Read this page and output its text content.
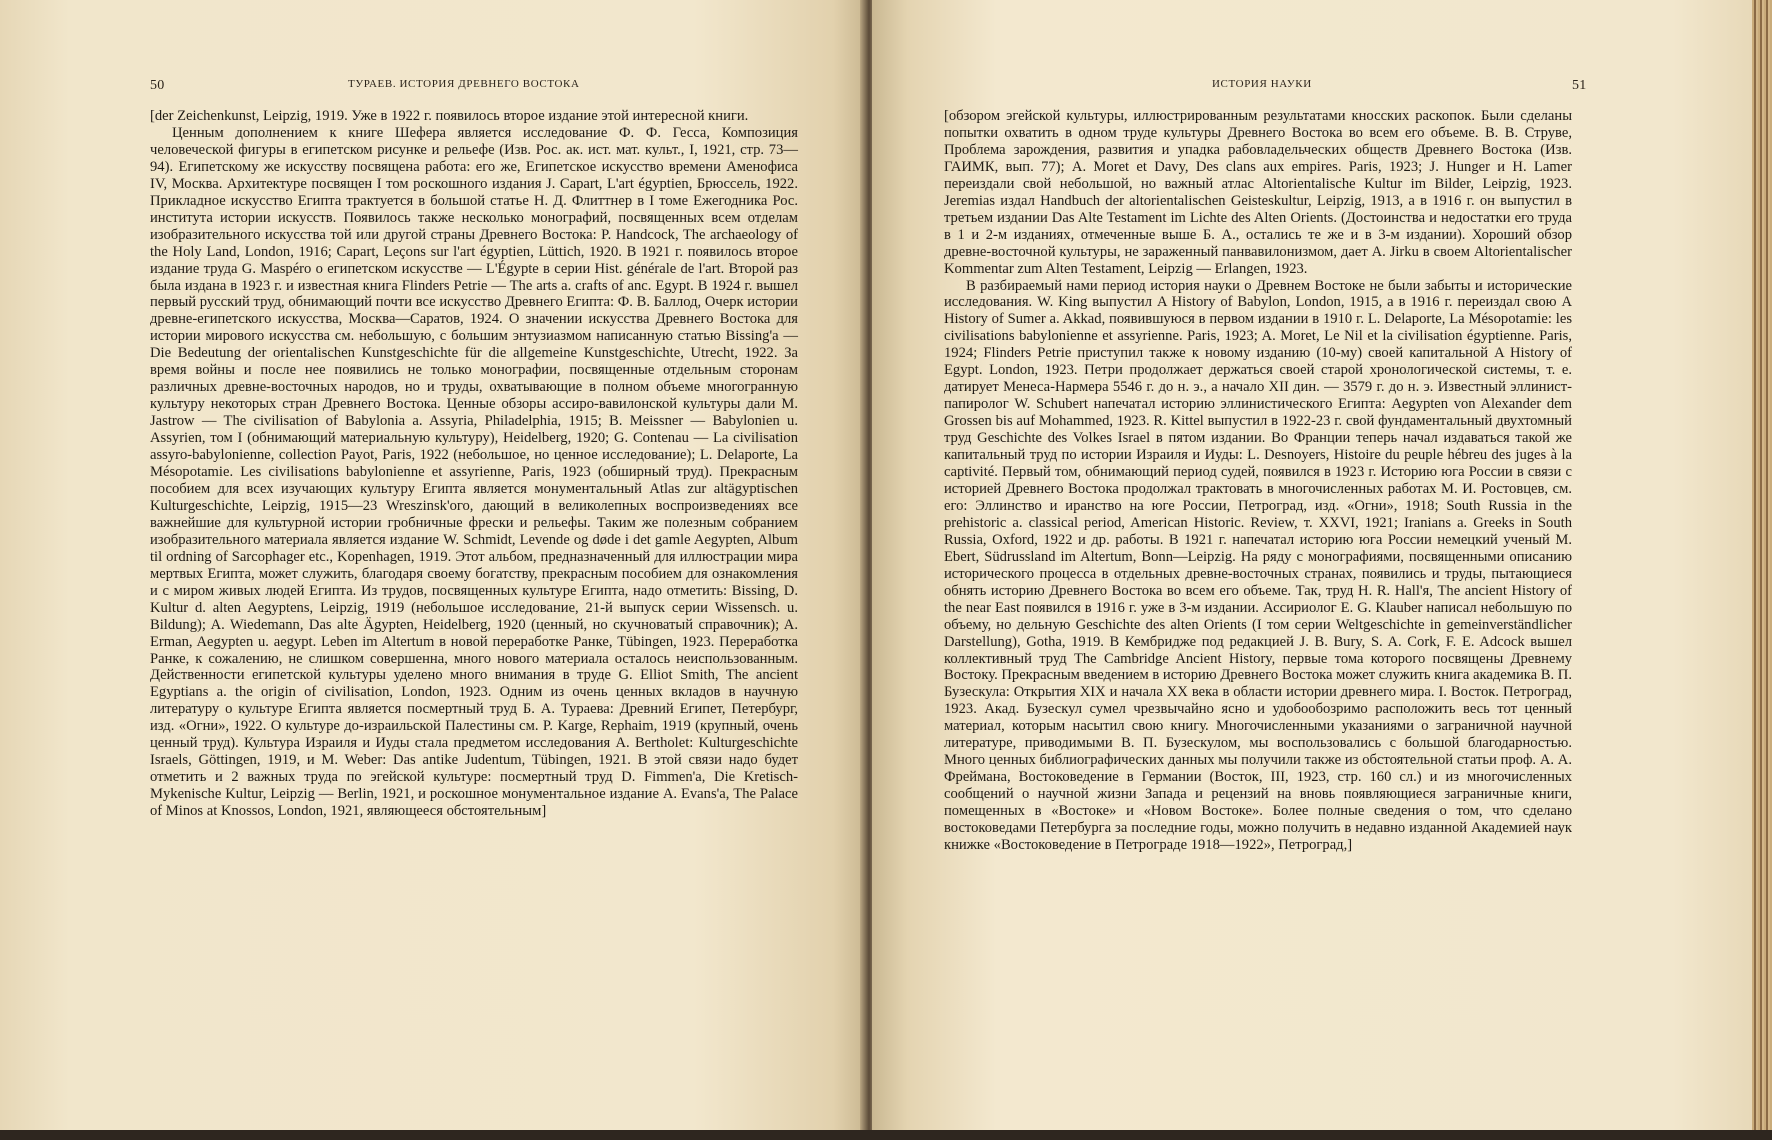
50	ТУРАЕВ. ИСТОРИЯ ДРЕВНЕГО ВОСТОКА

[der Zeichenkunst, Leipzig, 1919. Уже в 1922 г. появилось второе издание этой интересной книги.

Ценным дополнением к книге Шефера является исследование Ф. Ф. Гесса, Композиция человеческой фигуры в египетском рисунке и рельефе (Изв. Рос. ак. ист. мат. культ., I, 1921, стр. 73—94). Египетскому же искусству посвящена работа: его же, Египетское искусство времени Аменофиса IV, Москва. Архитектуре посвящен I том роскошного издания J. Capart, L'art égyptien, Брюссель, 1922. Прикладное искусство Египта трактуется в большой статье Н. Д. Флиттнер в I томе Ежегодника Рос. института истории искусств. Появилось также несколько монографий, посвященных всем отделам изобразительного искусства той или другой страны Древнего Востока: P. Handcock, The archaeology of the Holy Land, London, 1916; Capart, Leçons sur l'art égyptien, Lüttich, 1920. В 1921 г. появилось второе издание труда G. Maspéro о египетском искусстве — L'Égypte в серии Hist. générale de l'art. Второй раз была издана в 1923 г. и известная книга Flinders Petrie — The arts a. crafts of anc. Egypt. В 1924 г. вышел первый русский труд, обнимающий почти все искусство Древнего Египта: Ф. В. Баллод, Очерк истории древне-египетского искусства, Москва—Саратов, 1924. О значении искусства Древнего Востока для истории мирового искусства см. небольшую, с большим энтузиазмом написанную статью Bissing'а — Die Bedeutung der orientalischen Kunstgeschichte für die allgemeine Kunstgeschichte, Utrecht, 1922. За время войны и после нее появились не только монографии, посвященные отдельным сторонам различных древне-восточных народов, но и труды, охватывающие в полном объеме многогранную культуру некоторых стран Древнего Востока. Ценные обзоры ассиро-вавилонской культуры дали M. Jastrow — The civilisation of Babylonia a. Assyria, Philadelphia, 1915; B. Meissner — Babylonien u. Assyrien, том I (обнимающий материальную культуру), Heidelberg, 1920; G. Contenau — La civilisation assyro-babylonienne, collection Payot, Paris, 1922 (небольшое, но ценное исследование); L. Delaporte, La Mésopotamie. Les civilisations babylonienne et assyrienne, Paris, 1923 (обширный труд). Прекрасным пособием для всех изучающих культуру Египта является монументальный Atlas zur altägyptischen Kulturgeschichte, Leipzig, 1915—23 Wreszinsk'ого, дающий в великолепных воспроизведениях все важнейшие для культурной истории гробничные фрески и рельефы. Таким же полезным собранием изобразительного материала является издание W. Schmidt, Levende og døde i det gamle Aegypten, Album til ordning of Sarcophager etc., Kopenhagen, 1919. Этот альбом, предназначенный для иллюстрации мира мертвых Египта, может служить, благодаря своему богатству, прекрасным пособием для ознакомления и с миром живых людей Египта. Из трудов, посвященных культуре Египта, надо отметить: Bissing, D. Kultur d. alten Aegyptens, Leipzig, 1919 (небольшое исследование, 21-й выпуск серии Wissensch. u. Bildung); A. Wiedemann, Das alte Ägypten, Heidelberg, 1920 (ценный, но скучноватый справочник); A. Erman, Aegypten u. aegypt. Leben im Altertum в новой переработке Ранке, Tübingen, 1923. Переработка Ранке, к сожалению, не слишком совершенна, много нового материала осталось неиспользованным. Действенности египетской культуры уделено много внимания в труде G. Elliot Smith, The ancient Egyptians a. the origin of civilisation, London, 1923. Одним из очень ценных вкладов в научную литературу о культуре Египта является посмертный труд Б. А. Тураева: Древний Египет, Петербург, изд. «Огни», 1922. О культуре до-израильской Палестины см. P. Karge, Rephaim, 1919 (крупный, очень ценный труд). Культура Израиля и Иуды стала предметом исследования A. Bertholet: Kulturgeschichte Israels, Göttingen, 1919, и M. Weber: Das antike Judentum, Tübingen, 1921. В этой связи надо будет отметить и 2 важных труда по эгейской культуре: посмертный труд D. Fimmen'а, Die Kretisch-Mykenische Kultur, Leipzig — Berlin, 1921, и роскошное монументальное издание A. Evans'а, The Palace of Minos at Knossos, London, 1921, являющееся обстоятельным]

ИСТОРИЯ НАУКИ	51

[обзором эгейской культуры, иллюстрированным результатами кносских раскопок. Были сделаны попытки охватить в одном труде культуры Древнего Востока во всем его объеме. В. В. Струве, Проблема зарождения, развития и упадка рабовладельческих обществ Древнего Востока (Изв. ГАИМК, вып. 77); A. Moret et Davy, Des clans aux empires. Paris, 1923; J. Hunger и H. Lamer переиздали свой небольшой, но важный атлас Altorientalische Kultur im Bilder, Leipzig, 1923. Jeremias издал Handbuch der altorientalischen Geisteskultur, Leipzig, 1913, а в 1916 г. он выпустил в третьем издании Das Alte Testament im Lichte des Alten Orients. (Достоинства и недостатки его труда в 1 и 2-м изданиях, отмеченные выше Б. А., остались те же и в 3-м издании). Хороший обзор древне-восточной культуры, не зараженный панвавилонизмом, дает A. Jirku в своем Altorientalischer Kommentar zum Alten Testament, Leipzig — Erlangen, 1923.

В разбираемый нами период история науки о Древнем Востоке не были забыты и исторические исследования. W. King выпустил A History of Babylon, London, 1915, а в 1916 г. переиздал свою A History of Sumer a. Akkad, появившуюся в первом издании в 1910 г. L. Delaporte, La Mésopotamie: les civilisations babylonienne et assyrienne. Paris, 1923; A. Moret, Le Nil et la civilisation égyptienne. Paris, 1924; Flinders Petrie приступил также к новому изданию (10-му) своей капитальной A History of Egypt. London, 1923. Петри продолжает держаться своей старой хронологической системы, т. е. датирует Менеса-Нармера 5546 г. до н. э., а начало XII дин. — 3579 г. до н. э. Известный эллинист-папиролог W. Schubert напечатал историю эллинистического Египта: Aegypten von Alexander dem Grossen bis auf Mohammed, 1923. R. Kittel выпустил в 1922-23 г. свой фундаментальный двухтомный труд Geschichte des Volkes Israel в пятом издании. Во Франции теперь начал издаваться такой же капитальный труд по истории Израиля и Иуды: L. Desnoyers, Histoire du peuple hébreu des juges à la captivité. Первый том, обнимающий период судей, появился в 1923 г. Историю юга России в связи с историей Древнего Востока продолжал трактовать в многочисленных работах М. И. Ростовцев, см. его: Эллинство и иранство на юге России, Петроград, изд. «Огни», 1918; South Russia in the prehistoric a. classical period, American Historic. Review, т. XXVI, 1921; Iranians a. Greeks in South Russia, Oxford, 1922 и др. работы. В 1921 г. напечатал историю юга России немецкий ученый M. Ebert, Südrussland im Altertum, Bonn—Leipzig. На ряду с монографиями, посвященными описанию исторического процесса в отдельных древне-восточных странах, появились и труды, пытающиеся обнять историю Древнего Востока во всем его объеме. Так, труд H. R. Hall'я, The ancient History of the near East появился в 1916 г. уже в 3-м издании. Ассириолог E. G. Klauber написал небольшую по объему, но дельную Geschichte des alten Orients (I том серии Weltgeschichte in gemeinverständlicher Darstellung), Gotha, 1919. В Кембридже под редакцией J. B. Bury, S. A. Cork, F. E. Adcock вышел коллективный труд The Cambridge Ancient History, первые тома которого посвящены Древнему Востоку. Прекрасным введением в историю Древнего Востока может служить книга академика В. П. Бузескула: Открытия XIX и начала XX века в области истории древнего мира. I. Восток. Петроград, 1923. Акад. Бузескул сумел чрезвычайно ясно и удобообозримо расположить весь тот ценный материал, которым насытил свою книгу. Многочисленными указаниями о заграничной научной литературе, приводимыми В. П. Бузескулом, мы воспользовались с большой благодарностью. Много ценных библиографических данных мы получили также из обстоятельной статьи проф. А. А. Фреймана, Востоковедение в Германии (Восток, III, 1923, стр. 160 сл.) и из многочисленных сообщений о научной жизни Запада и рецензий на вновь появляющиеся заграничные книги, помещенных в «Востоке» и «Новом Востоке». Более полные сведения о том, что сделано востоковедами Петербурга за последние годы, можно получить в недавно изданной Академией наук книжке «Востоковедение в Петрограде 1918—1922», Петроград,]
